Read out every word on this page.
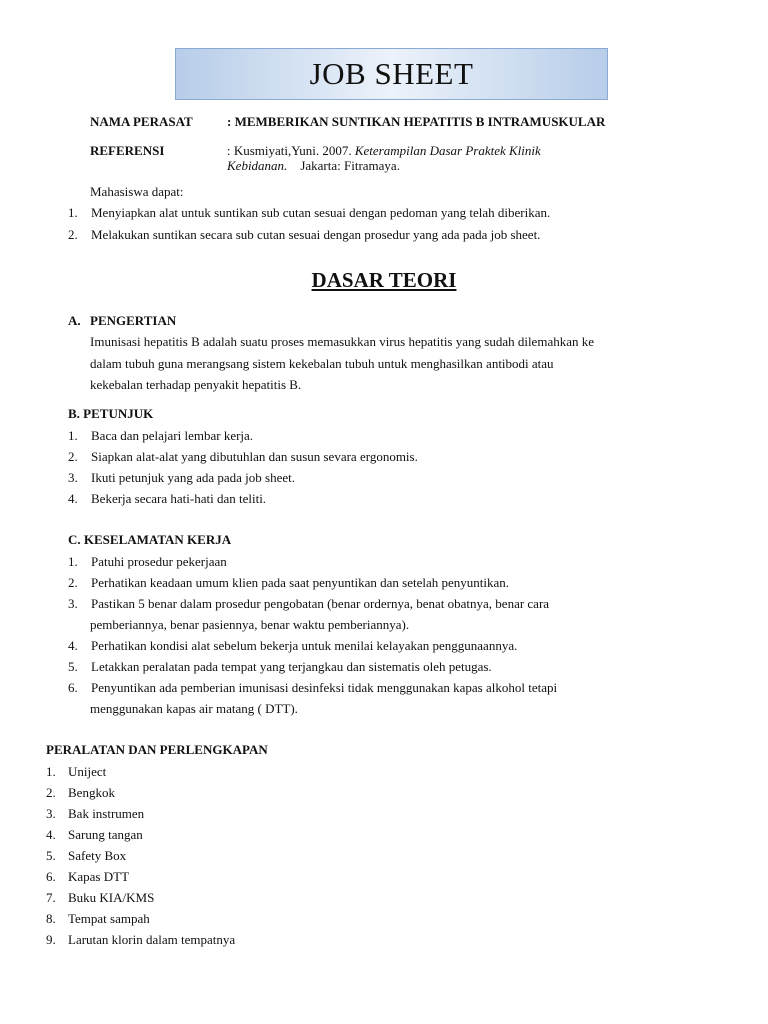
JOB SHEET
NAMA PERASAT	: MEMBERIKAN SUNTIKAN HEPATITIS B INTRAMUSKULAR
REFERENSI	: Kusmiyati,Yuni. 2007. Keterampilan Dasar Praktek Klinik
Kebidanan. Jakarta: Fitramaya.
Mahasiswa dapat:
1. Menyiapkan alat untuk suntikan sub cutan sesuai dengan pedoman yang telah diberikan.
2. Melakukan suntikan secara sub cutan sesuai dengan prosedur yang ada pada job sheet.
DASAR TEORI
A. PENGERTIAN
Imunisasi hepatitis B adalah suatu proses memasukkan virus hepatitis yang sudah dilemahkan ke
dalam tubuh guna merangsang sistem kekebalan tubuh untuk menghasilkan antibodi atau
kekebalan terhadap penyakit hepatitis B.
B. PETUNJUK
1. Baca dan pelajari lembar kerja.
2. Siapkan alat-alat yang dibutuhlan dan susun sevara ergonomis.
3. Ikuti petunjuk yang ada pada job sheet.
4. Bekerja secara hati-hati dan teliti.
C. KESELAMATAN KERJA
1. Patuhi prosedur pekerjaan
2. Perhatikan keadaan umum klien pada saat penyuntikan dan setelah penyuntikan.
3. Pastikan 5 benar dalam prosedur pengobatan (benar ordernya, benat obatnya, benar cara
pemberiannya, benar pasiennya, benar waktu pemberiannya).
4. Perhatikan kondisi alat sebelum bekerja untuk menilai kelayakan penggunaannya.
5. Letakkan peralatan pada tempat yang terjangkau dan sistematis oleh petugas.
6. Penyuntikan ada pemberian imunisasi desinfeksi tidak menggunakan kapas alkohol tetapi
menggunakan kapas air matang ( DTT).
PERALATAN DAN PERLENGKAPAN
1. Uniject
2. Bengkok
3. Bak instrumen
4. Sarung tangan
5. Safety Box
6. Kapas DTT
7. Buku KIA/KMS
8. Tempat sampah
9. Larutan klorin dalam tempatnya
